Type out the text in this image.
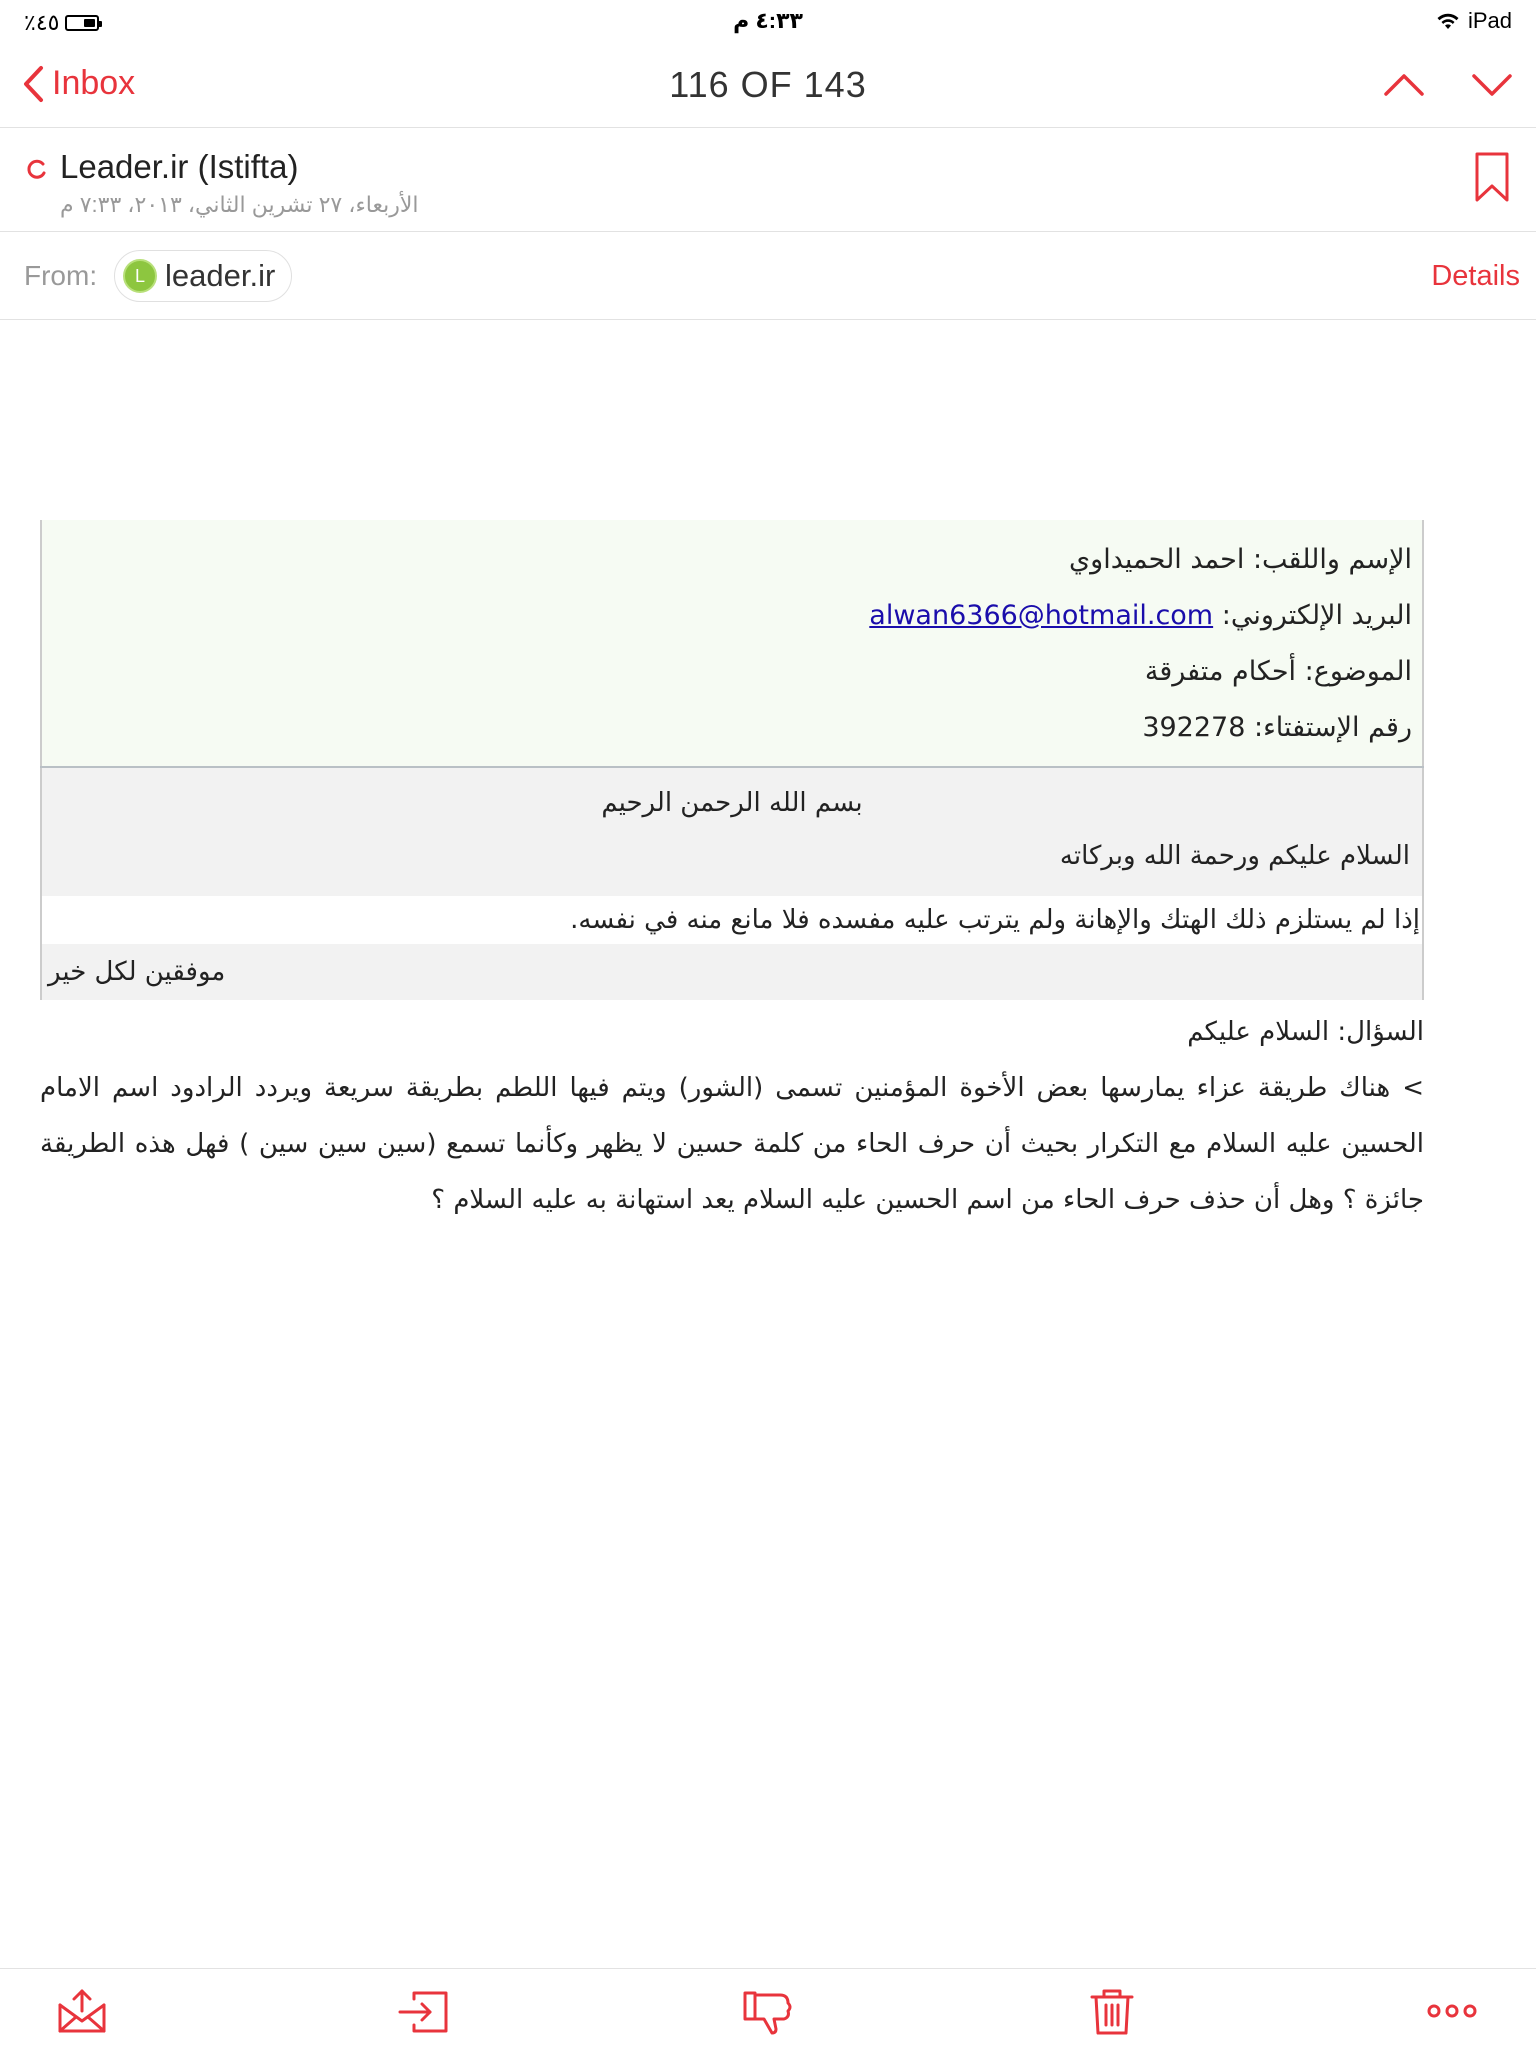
٤٥٪	٤:٣٣ م	iPad
Inbox	116 OF 143
Leader.ir (Istifta)
الأربعاء، ٢٧ تشرين الثاني، ٢٠١٣، ٧:٣٣ م
From:	L leader.ir	Details
الإسم واللقب: احمد الحميداوي
البريد الإلكتروني: alwan6366@hotmail.com
الموضوع: أحكام متفرقة
رقم الإستفتاء: 392278
بسم الله الرحمن الرحيم
السلام عليكم ورحمة الله وبركاته
إذا لم يستلزم ذلك الهتك والإهانة ولم يترتب عليه مفسده فلا مانع منه في نفسه.
موفقين لكل خير
السؤال: السلام عليكم
> هناك طريقة عزاء يمارسها بعض الأخوة المؤمنين تسمى (الشور) ويتم فيها اللطم بطريقة سريعة ويردد الرادود اسم الامام الحسين عليه السلام مع التكرار بحيث أن حرف الحاء من كلمة حسين لا يظهر وكأنما تسمع (سين سين سين ) فهل هذه الطريقة جائزة ؟ وهل أن حذف حرف الحاء من اسم الحسين عليه السلام يعد استهانة به عليه السلام ؟
